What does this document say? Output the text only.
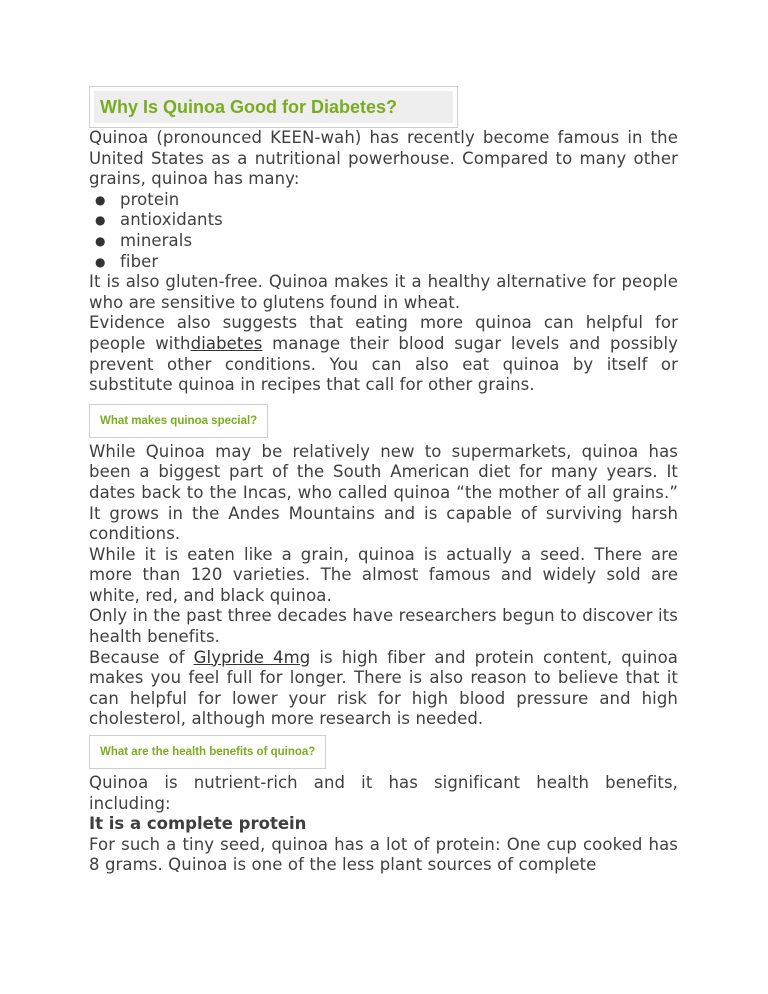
Why Is Quinoa Good for Diabetes?

Quinoa (pronounced KEEN-wah) has recently become famous in the United States as a nutritional powerhouse. Compared to many other grains, quinoa has many:

● protein
● antioxidants
● minerals
● fiber

It is also gluten-free. Quinoa makes it a healthy alternative for people who are sensitive to glutens found in wheat.

Evidence also suggests that eating more quinoa can helpful for people withdiabetes manage their blood sugar levels and possibly prevent other conditions. You can also eat quinoa by itself or substitute quinoa in recipes that call for other grains.

What makes quinoa special?

While Quinoa may be relatively new to supermarkets, quinoa has been a biggest part of the South American diet for many years. It dates back to the Incas, who called quinoa “the mother of all grains.” It grows in the Andes Mountains and is capable of surviving harsh conditions.

While it is eaten like a grain, quinoa is actually a seed. There are more than 120 varieties. The almost famous and widely sold are white, red, and black quinoa.

Only in the past three decades have researchers begun to discover its health benefits.

Because of Glypride 4mg is high fiber and protein content, quinoa makes you feel full for longer. There is also reason to believe that it can helpful for lower your risk for high blood pressure and high cholesterol, although more research is needed.

What are the health benefits of quinoa?

Quinoa is nutrient-rich and it has significant health benefits, including:

It is a complete protein

For such a tiny seed, quinoa has a lot of protein: One cup cooked has 8 grams. Quinoa is one of the less plant sources of complete
